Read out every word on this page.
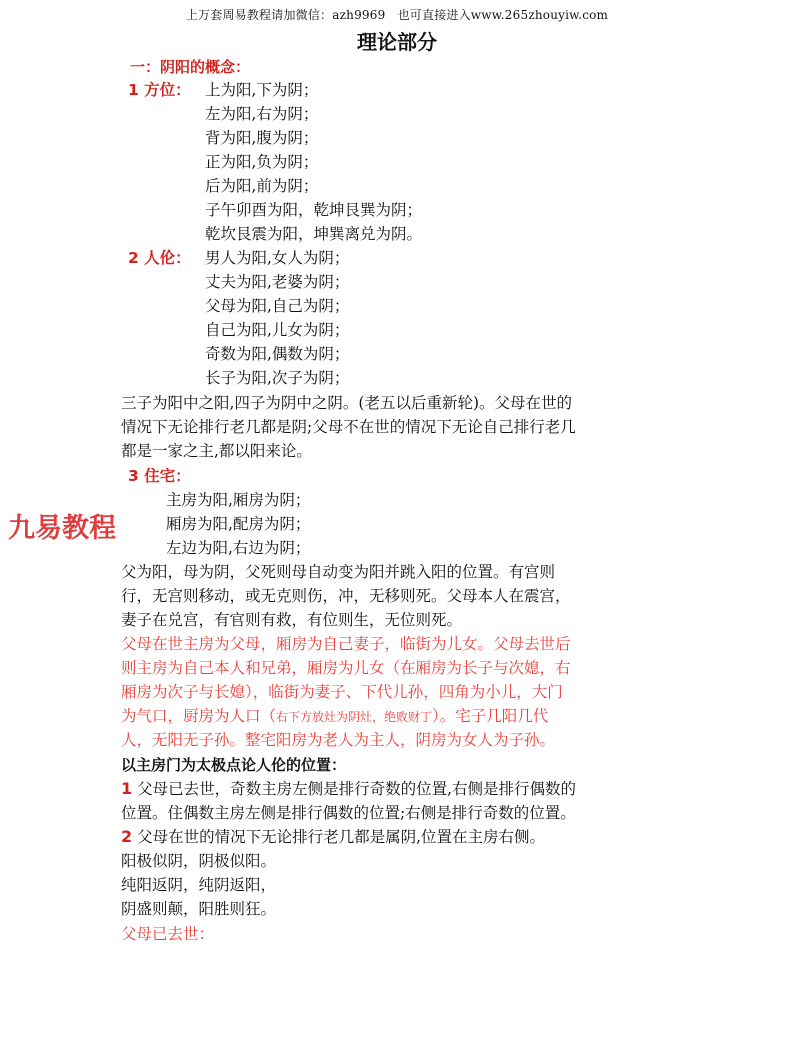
上万套周易教程请加微信：azh9969　也可直接进入www.265zhouyiw.com
理论部分
九易教程
一：阴阳的概念：
1 方位： 上为阳,下为阴；
左为阳,右为阴；
背为阳,腹为阴；
正为阳,负为阴；
后为阳,前为阴；
子午卯酉为阳，乾坤艮巽为阴；
乾坎艮震为阳，坤巽离兑为阴。
2 人伦： 男人为阳,女人为阴；
丈夫为阳,老婆为阴；
父母为阳,自己为阴；
自己为阳,儿女为阴；
奇数为阳,偶数为阴；
长子为阳,次子为阴；
三子为阳中之阳,四子为阴中之阴。(老五以后重新轮)。父母在世的
情况下无论排行老几都是阴;父母不在世的情况下无论自己排行老几
都是一家之主,都以阳来论。
3 住宅：
主房为阳,厢房为阴；
厢房为阳,配房为阴；
左边为阳,右边为阴；
父为阳，母为阴，父死则母自动变为阳并跳入阳的位置。有宫则
行，无宫则移动，或无克则伤，冲，无移则死。父母本人在震宫，
妻子在兑宫，有官则有救，有位则生，无位则死。
父母在世主房为父母，厢房为自己妻子，临街为儿女。父母去世后
则主房为自己本人和兄弟，厢房为儿女（在厢房为长子与次媳，右
厢房为次子与长媳），临街为妻子、下代儿孙，四角为小儿，大门
为气口，厨房为人口（右下方放灶为阴灶，绝败财丁）。宅子几阳几代
人，无阳无子孙。整宅阳房为老人为主人，阴房为女人为子孙。
以主房门为太极点论人伦的位置：
1 父母已去世，奇数主房左侧是排行奇数的位置,右侧是排行偶数的
位置。住偶数主房左侧是排行偶数的位置;右侧是排行奇数的位置。
2 父母在世的情况下无论排行老几都是属阴,位置在主房右侧。
阳极似阴，阴极似阳。
纯阳返阴，纯阴返阳，
阴盛则颠，阳胜则狂。
父母已去世：
